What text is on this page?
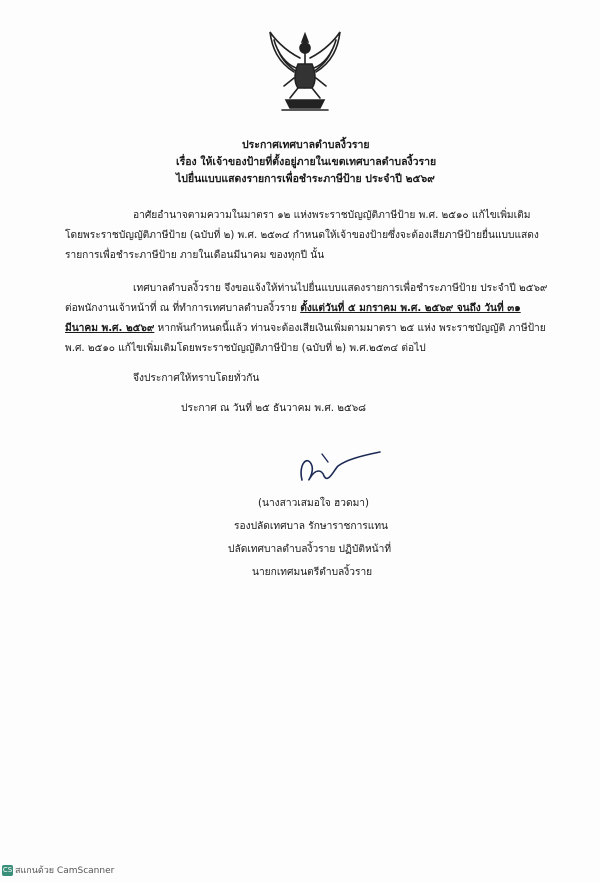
ประกาศเทศบาลตำบลงิ้วราย
เรื่อง ให้เจ้าของป้ายที่ตั้งอยู่ภายในเขตเทศบาลตำบลงิ้วราย
ไปยื่นแบบแสดงรายการเพื่อชำระภาษีป้าย ประจำปี ๒๕๖๙
อาศัยอำนาจตามความในมาตรา ๑๒ แห่งพระราชบัญญัติภาษีป้าย พ.ศ. ๒๕๑๐ แก้ไขเพิ่มเติม
โดยพระราชบัญญัติภาษีป้าย (ฉบับที่ ๒) พ.ศ. ๒๕๓๔ กำหนดให้เจ้าของป้ายซึ่งจะต้องเสียภาษีป้ายยื่นแบบแสดง
รายการเพื่อชำระภาษีป้าย ภายในเดือนมีนาคม ของทุกปี นั้น
เทศบาลตำบลงิ้วราย จึงขอแจ้งให้ท่านไปยื่นแบบแสดงรายการเพื่อชำระภาษีป้าย ประจำปี ๒๕๖๙
ต่อพนักงานเจ้าหน้าที่ ณ ที่ทำการเทศบาลตำบลงิ้วราย ตั้งแต่วันที่ ๕ มกราคม พ.ศ. ๒๕๖๙ จนถึง วันที่ ๓๑
มีนาคม พ.ศ. ๒๕๖๙ หากพ้นกำหนดนี้แล้ว ท่านจะต้องเสียเงินเพิ่มตามมาตรา ๒๕ แห่ง พระราชบัญญัติ ภาษีป้าย
พ.ศ. ๒๕๑๐ แก้ไขเพิ่มเติมโดยพระราชบัญญัติภาษีป้าย (ฉบับที่ ๒) พ.ศ.๒๕๓๔ ต่อไป
จึงประกาศให้ทราบโดยทั่วกัน
ประกาศ ณ วันที่ ๒๕ ธันวาคม พ.ศ. ๒๕๖๘
(นางสาวเสมอใจ ฮวดมา)
รองปลัดเทศบาล รักษาราชการแทน
ปลัดเทศบาลตำบลงิ้วราย ปฏิบัติหน้าที่
นายกเทศมนตรีตำบลงิ้วราย
CS สแกนด้วย CamScanner
